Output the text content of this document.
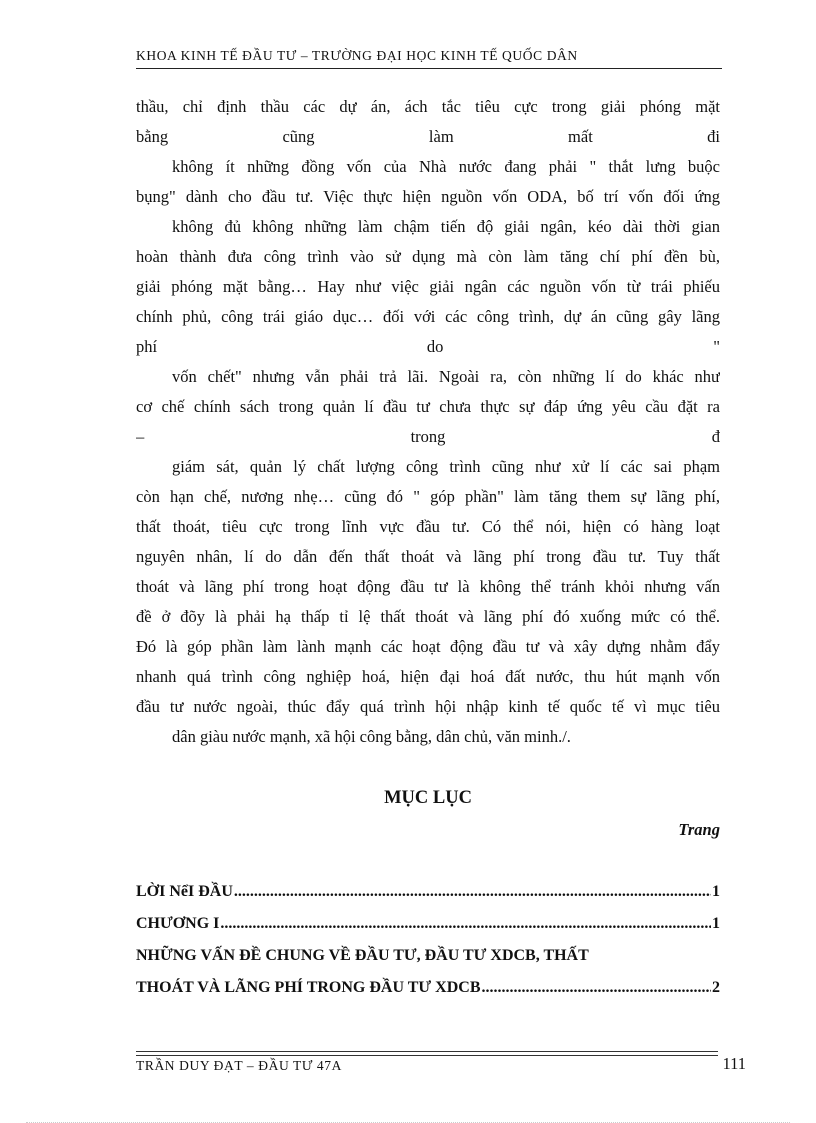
KHOA KINH TẾ ĐẦU TƯ – TRƯỜNG ĐẠI HỌC KINH TẾ QUỐC DÂN
thầu, chỉ định thầu các dự án, ách tắc tiêu cực trong giải phóng mặt
bằng cũng làm mất đi
không ít những đồng vốn của Nhà nước đang phải " thắt lưng buộc
bụng" dành cho đầu tư. Việc thực hiện nguồn vốn ODA, bố trí vốn đối ứng
không đủ không những làm chậm tiến độ giải ngân, kéo dài thời gian
hoàn thành đưa công trình vào sử dụng mà còn làm tăng chí phí đền bù,
giải phóng mặt bằng… Hay như việc giải ngân các nguồn vốn từ trái phiếu
chính phủ, công trái giáo dục… đối với các công trình, dự án cũng gây lãng
phí do "
vốn chết" nhưng vẫn phải trả lãi. Ngoài ra, còn những lí do khác như
cơ chế chính sách trong quản lí đầu tư chưa thực sự đáp ứng yêu cầu đặt ra
– trong đ
giám sát, quản lý chất lượng công trình cũng như xử lí các sai phạm
còn hạn chế, nương nhẹ… cũng đó " góp phần" làm tăng them sự lãng phí,
thất thoát, tiêu cực trong lĩnh vực đầu tư. Có thể nói, hiện có hàng loạt
nguyên nhân, lí do dẫn đến thất thoát và lãng phí trong đầu tư. Tuy thất
thoát và lãng phí trong hoạt động đầu tư là không thể tránh khỏi nhưng vấn
đề ở đõy là phải hạ thấp tỉ lệ thất thoát và lãng phí đó xuống mức có thể.
Đó là góp phần làm lành mạnh các hoạt động đầu tư và xây dựng nhằm đẩy
nhanh quá trình công nghiệp hoá, hiện đại hoá đất nước, thu hút mạnh vốn
đầu tư nước ngoài, thúc đẩy quá trình hội nhập kinh tế quốc tế vì mục tiêu
dân giàu nước mạnh, xã hội công bằng, dân chủ, văn minh./.
MỤC LỤC
Trang
LỜI NểI ĐẦU .....	1
CHƯƠNG I .....	1
NHỮNG VẤN ĐỀ CHUNG VỀ ĐẦU TƯ, ĐẦU TƯ XDCB, THẤT
THOÁT VÀ LÃNG PHÍ TRONG ĐẦU TƯ XDCB .....	2
TRẦN DUY ĐẠT – ĐẦU TƯ 47A	111
